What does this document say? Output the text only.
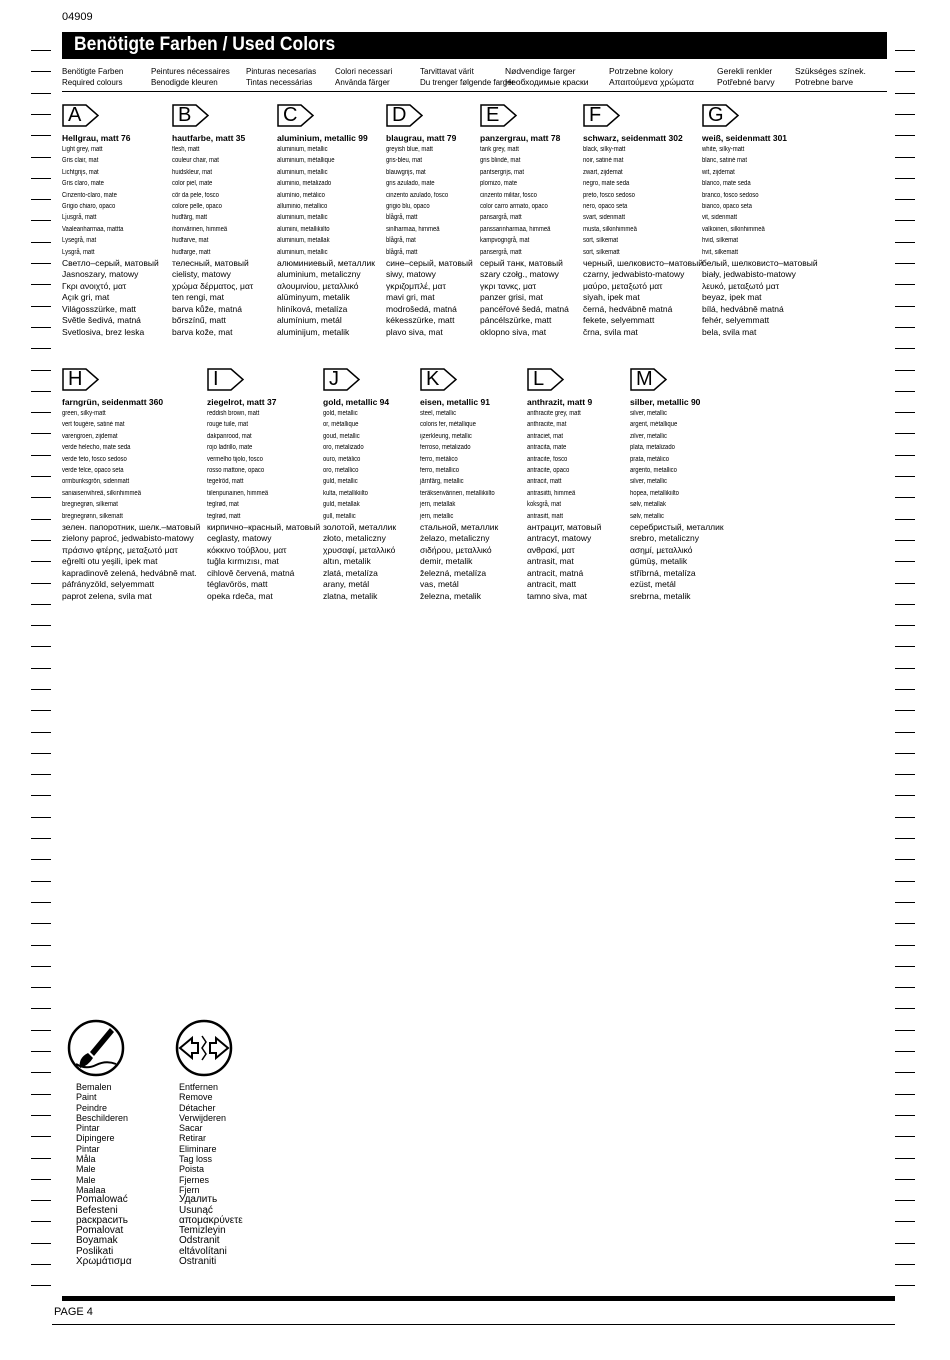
04909
Benötigte Farben / Used Colors
Benötigte Farben
Required colours
Peintures nécessaires
Benodigde kleuren
Pinturas necesarias
Tintas necessárias
Colori necessari
Använda färger
Tarvittavat värit
Du trenger følgende farger
Nødvendige farger
Необходимые краски
Potrzebne kolory
Απαιτούμενα χρώματα
Gerekli renkler
Potřebné barvy
Szükséges színek.
Potrebne barve
A
Hellgrau, matt 76
Light grey, matt
Gris clair, mat
Lichtgrijs, mat
Gris claro, mate
Cinzento-claro, mate
Grigio chiaro, opaco
Ljusgrå, matt
Vaaleanharmaa, mattta
Lysegrå, mat
Lysgrå, matt
Светло–серый, матовый
Jasnoszary, matowy
Γκρι ανοιχτό, ματ
Açık gri, mat
Világosszürke, matt
Světle šedivá, matná
Svetlosiva, brez leska
B
hautfarbe, matt 35
flesh, matt
couleur chair, mat
huidskleur, mat
color piel, mate
cör da pele, fosco
colore pelle, opaco
hudfärg, matt
ihonvärinen, himmeä
hudfarve, mat
hudfarge, matt
телесный, матовый
cielisty, matowy
χρώμα δέρματος, ματ
ten rengi, mat
barva kůže, matná
bőrszínű, matt
barva kože, mat
C
aluminium, metallic 99
aluminium, metallic
aluminium, métallique
aluminium, metallic
aluminio, metalizado
alumínio, metálico
alluminio, metallico
aluminium, metallic
alumiini, metallikiilto
aluminium, metallak
aluminium, metallic
алюминиевый, металлик
aluminium, metaliczny
αλουμινίου, μεταλλικό
alüminyum, metalik
hliníková, metalíza
alumínium, metál
aluminijum, metalik
D
blaugrau, matt 79
greyish blue, matt
gris-bleu, mat
blauwgrijs, mat
gris azulado, mate
cinzento azulado, fosco
grigio blu, opaco
blågrå, matt
sinlharmaa, himmeä
blågrå, mat
blågrå, matt
сине–серый, матовый
siwy, matowy
γκριζομπλέ, ματ
mavi gri, mat
modrošedá, matná
kékesszürke, matt
plavo siva, mat
E
panzergrau, matt 78
tank grey, matt
gris blindé, mat
pantsergrijs, mat
plomizo, mate
cinzento militar, fosco
color carro armato, opaco
pansargrå, matt
panssarinharmaa, himmeä
kampvogngrå, mat
pansergrå, matt
серый танк, матовый
szary czołg., matowy
γκρι τανκς, ματ
panzer grisi, mat
pancéřové šedá, matná
páncélszürke, matt
oklopno siva, mat
F
schwarz, seidenmatt 302
black, silky-matt
noir, satiné mat
zwart, zijdemat
negro, mate seda
preto, fosco sedoso
nero, opaco seta
svart, sidenmatt
musta, silkinhimmeä
sort, silkemat
sort, silkematt
черный, шелковисто–матовый
czarny, jedwabisto-matowy
μαύρο, μεταξωτό ματ
siyah, ipek mat
černá, hedvábně matná
fekete, selyemmatt
črna, svila mat
G
weiß, seidenmatt 301
white, silky-matt
blanc, satiné mat
wit, zijdemat
blanco, mate seda
branco, fosco sedoso
bianco, opaco seta
vit, sidenmatt
valkoinen, silkinhimmeä
hvid, silkemat
hvit, silkematt
белый, шелковисто–матовый
biały, jedwabisto-matowy
λευκό, μεταξωτό ματ
beyaz, ipek mat
bílá, hedvábně matná
fehér, selyemmatt
bela, svila mat
H
farngrün, seidenmatt 360
green, silky-matt
vert fougère, satiné mat
varengroen, zijdemat
verde helecho, mate seda
verde feto, fosco sedoso
verde felce, opaco seta
ormbunksgrön, sidenmatt
saniaisenvihreä, silkinhimmeä
bregnegrøn, silkemat
bregnegrønn, silkematt
зелен. папоротник, шелк.–матовый
zielony paproć, jedwabisto-matowy
πράσινο φτέρης, μεταξωτό ματ
eğrelti otu yeşili, ipek mat
kapradinově zelená, hedvábně mat.
páfrányzöld, selyemmatt
paprot zelena, svila mat
I
ziegelrot, matt 37
reddish brown, matt
rouge tuile, mat
dakpanrood, mat
rojo ladrillo, mate
vermelho tijolo, fosco
rosso mattone, opaco
tegelröd, matt
tiilenpunainen, himmeä
teglrød, mat
teglrød, matt
кирпично–красный, матовый
ceglasty, matowy
κόκκινο τούβλου, ματ
tuğla kırmızısı, mat
cihlově červená, matná
téglavörös, matt
opeka rdeča, mat
J
gold, metallic 94
gold, metallic
or, métallique
goud, metallic
oro, metalizado
ouro, metálico
oro, metallico
guld, metallic
kulta, metallikiilto
guld, metallak
gull, metallic
золотой, металлик
złoto, metaliczny
χρυσαφί, μεταλλικό
altın, metalik
zlatá, metalíza
arany, metál
zlatna, metalik
K
eisen, metallic 91
steel, metallic
coloris fer, métallique
ijzerkleurig, metallic
ferroso, metalizado
ferro, metálico
ferro, metallico
järnfärg, metallic
teräksenvärinen, metallikiilto
jern, metallak
jern, metallic
стальной, металлик
żelazo, metaliczny
σιδήρου, μεταλλικό
demir, metalik
železná, metalíza
vas, metál
železna, metalik
L
anthrazit, matt 9
anthracite grey, matt
anthracite, mat
antraciet, mat
antracita, mate
antracite, fosco
antracite, opaco
antracit, matt
antrasiitti, himmeä
koksgrå, mat
antrasitt, matt
антрацит, матовый
antracyt, matowy
ανθρακί, ματ
antrasit, mat
antracit, matná
antracit, matt
tamno siva, mat
M
silber, metallic 90
silver, metallic
argent, métallique
zilver, metallic
plata, metalizado
prata, metálico
argento, metallico
silver, metallic
hopea, metallikiilto
sølv, metallak
sølv, metallic
серебристый, металлик
srebro, metaliczny
ασημί, μεταλλικό
gümüş, metalik
stříbrná, metalíza
ezüst, metál
srebrna, metalik
Bemalen
Paint
Peindre
Beschilderen
Pintar
Dipingere
Pintar
Måla
Male
Male
Maalaa
Pomalować
Befesteni
раскрасить
Pomalovat
Boyamak
Poslikati
Χρωμάτισμα
Entfernen
Remove
Détacher
Verwijderen
Sacar
Retirar
Eliminare
Tag loss
Poista
Fjernes
Fjern
Удалить
Usunąć
απομακρύνετε
Temizleyin
Odstranit
eltávolítani
Ostraniti
PAGE 4
